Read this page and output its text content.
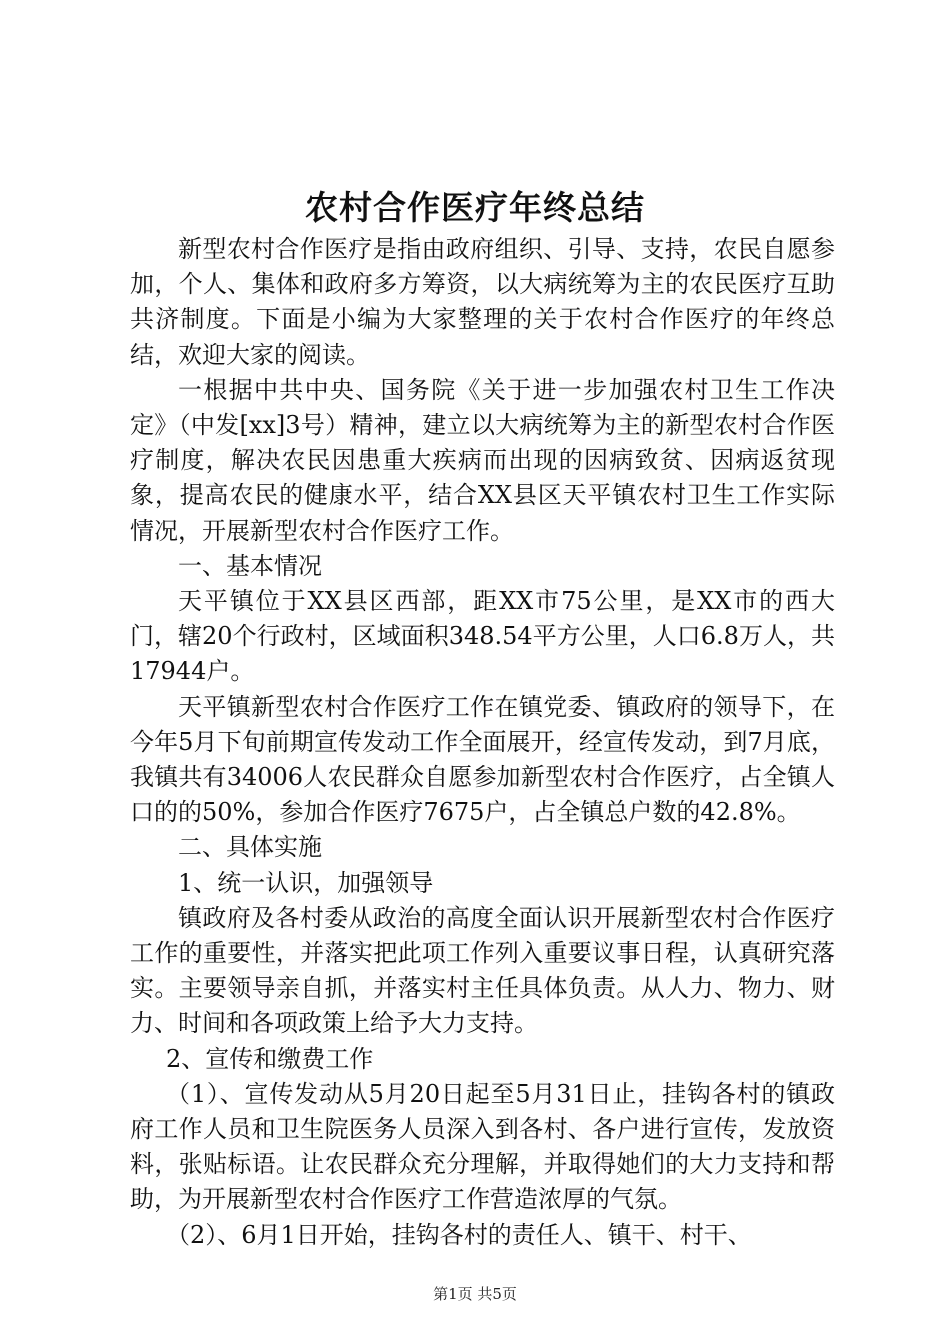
农村合作医疗年终总结

新型农村合作医疗是指由政府组织、引导、支持，农民自愿参加，个人、集体和政府多方筹资，以大病统筹为主的农民医疗互助共济制度。下面是小编为大家整理的关于农村合作医疗的年终总结，欢迎大家的阅读。

一根据中共中央、国务院《关于进一步加强农村卫生工作决定》（中发[xx]3号）精神，建立以大病统筹为主的新型农村合作医疗制度，解决农民因患重大疾病而出现的因病致贫、因病返贫现象，提高农民的健康水平，结合XX县区天平镇农村卫生工作实际情况，开展新型农村合作医疗工作。

一、基本情况

天平镇位于XX县区西部，距XX市75公里，是XX市的西大门，辖20个行政村，区域面积348.54平方公里，人口6.8万人，共17944户。

天平镇新型农村合作医疗工作在镇党委、镇政府的领导下，在今年5月下旬前期宣传发动工作全面展开，经宣传发动，到7月底，我镇共有34006人农民群众自愿参加新型农村合作医疗，占全镇人口的的50%，参加合作医疗7675户，占全镇总户数的42.8%。

二、具体实施

1、统一认识，加强领导

镇政府及各村委从政治的高度全面认识开展新型农村合作医疗工作的重要性，并落实把此项工作列入重要议事日程，认真研究落实。主要领导亲自抓，并落实村主任具体负责。从人力、物力、财力、时间和各项政策上给予大力支持。

2、宣传和缴费工作

（1）、宣传发动从5月20日起至5月31日止，挂钩各村的镇政府工作人员和卫生院医务人员深入到各村、各户进行宣传，发放资料，张贴标语。让农民群众充分理解，并取得她们的大力支持和帮助，为开展新型农村合作医疗工作营造浓厚的气氛。

（2）、6月1日开始，挂钩各村的责任人、镇干、村干、

第1页 共5页
